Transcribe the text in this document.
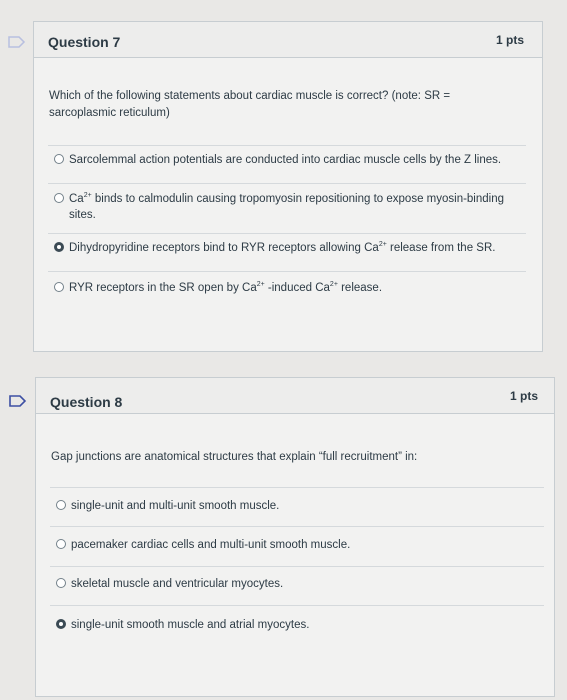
Question 7	1 pts
Which of the following statements about cardiac muscle is correct? (note: SR = sarcoplasmic reticulum)
Sarcolemmal action potentials are conducted into cardiac muscle cells by the Z lines.
$Ca^{2+}$ binds to calmodulin causing tropomyosin repositioning to expose myosin-binding sites.
Dihydropyridine receptors bind to RYR receptors allowing $Ca^{2+}$ release from the SR.
RYR receptors in the SR open by $Ca^{2+}$ -induced $Ca^{2+}$ release.
Question 8	1 pts
Gap junctions are anatomical structures that explain “full recruitment” in:
single-unit and multi-unit smooth muscle.
pacemaker cardiac cells and multi-unit smooth muscle.
skeletal muscle and ventricular myocytes.
single-unit smooth muscle and atrial myocytes.
